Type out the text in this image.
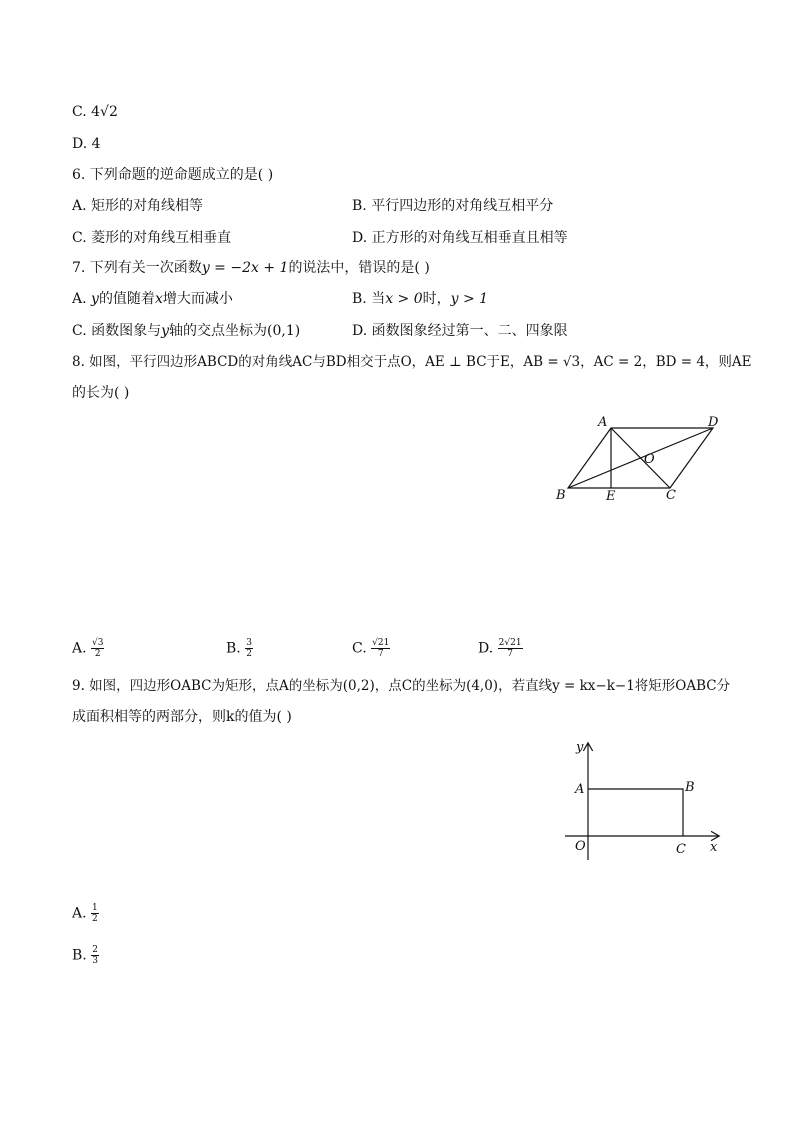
C. 4√2
D. 4
6. 下列命题的逆命题成立的是( )
A. 矩形的对角线相等	B. 平行四边形的对角线互相平分
C. 菱形的对角线互相垂直	D. 正方形的对角线互相垂直且相等
7. 下列有关一次函数y = −2x + 1的说法中，错误的是( )
A. y的值随着x增大而减小	B. 当x > 0时，y > 1
C. 函数图象与y轴的交点坐标为(0,1)	D. 函数图象经过第一、二、四象限
8. 如图，平行四边形ABCD的对角线AC与BD相交于点O，AE ⊥ BC于E，AB = √3，AC = 2，BD = 4，则AE
的长为( )
A	D
O
B	E	C
A. $\frac{√3}{2}$	B. $\frac{3}{2}$	C. $\frac{√21}{7}$	D. $\frac{2√21}{7}$
9. 如图，四边形OABC为矩形，点A的坐标为(0,2)，点C的坐标为(4,0)，若直线y = kx−k−1将矩形OABC分
成面积相等的两部分，则k的值为( )
y
A	B
O	C x
A. $\frac{1}{2}$
B. $\frac{2}{3}$
